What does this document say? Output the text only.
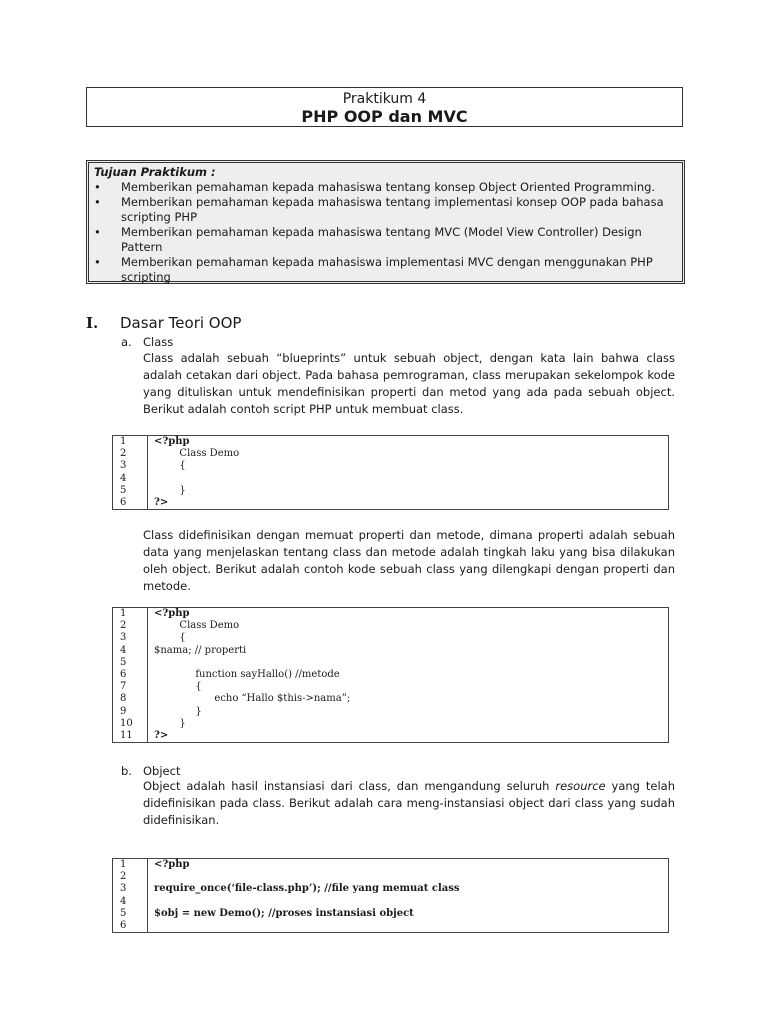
Praktikum 4
PHP OOP dan MVC
Tujuan Praktikum :
• Memberikan pemahaman kepada mahasiswa tentang konsep Object Oriented Programming.
• Memberikan pemahaman kepada mahasiswa tentang implementasi konsep OOP pada bahasa scripting PHP
• Memberikan pemahaman kepada mahasiswa tentang MVC (Model View Controller) Design Pattern
• Memberikan pemahaman kepada mahasiswa implementasi MVC dengan menggunakan PHP scripting
I. Dasar Teori OOP
a. Class
Class adalah sebuah “blueprints” untuk sebuah object, dengan kata lain bahwa class adalah cetakan dari object. Pada bahasa pemrograman, class merupakan sekelompok kode yang dituliskan untuk mendefinisikan properti dan metod yang ada pada sebuah object. Berikut adalah contoh script PHP untuk membuat class.
1	<?php
2	Class Demo
3	{
4
5	}
6	?>
Class didefinisikan dengan memuat properti dan metode, dimana properti adalah sebuah data yang menjelaskan tentang class dan metode adalah tingkah laku yang bisa dilakukan oleh object. Berikut adalah contoh kode sebuah class yang dilengkapi dengan properti dan metode.
1	<?php
2	Class Demo
3	{
4	$nama; // properti
5
6	function sayHallo() //metode
7	{
8	echo “Hallo $this->nama”;
9	}
10	}
11	?>
b. Object
Object adalah hasil instansiasi dari class, dan mengandung seluruh resource yang telah didefinisikan pada class. Berikut adalah cara meng-instansiasi object dari class yang sudah didefinisikan.
1	<?php
2
3	require_once(‘file-class.php’); //file yang memuat class
4
5	$obj = new Demo(); //proses instansiasi object
6
